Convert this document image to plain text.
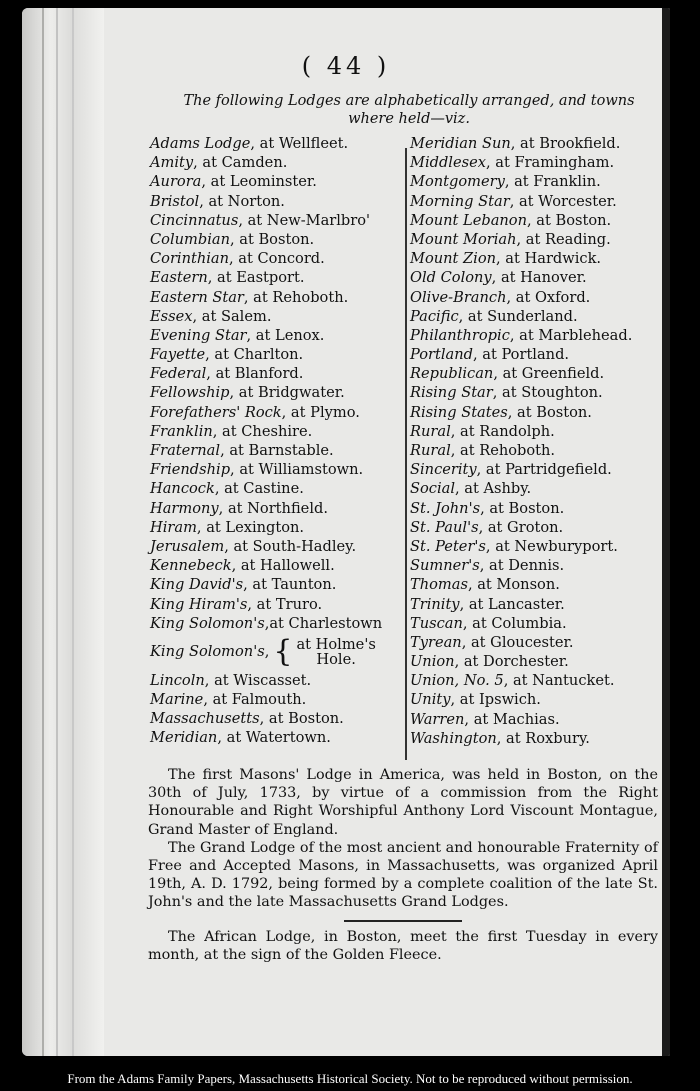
( 44 )
The following Lodges are alphabetically arranged, and towns where held—viz.
Adams Lodge, at Wellfleet.
Amity, at Camden.
Aurora, at Leominster.
Bristol, at Norton.
Cincinnatus, at New-Marlbro'
Columbian, at Boston.
Corinthian, at Concord.
Eastern, at Eastport.
Eastern Star, at Rehoboth.
Essex, at Salem.
Evening Star, at Lenox.
Fayette, at Charlton.
Federal, at Blanford.
Fellowship, at Bridgwater.
Forefathers' Rock, at Plymo.
Franklin, at Cheshire.
Fraternal, at Barnstable.
Friendship, at Williamstown.
Hancock, at Castine.
Harmony, at Northfield.
Hiram, at Lexington.
Jerusalem, at South-Hadley.
Kennebeck, at Hallowell.
King David's, at Taunton.
King Hiram's, at Truro.
King Solomon's,at Charlestown
King Solomon's , { at Holme's
Hole.
Lincoln, at Wiscasset.
Marine, at Falmouth.
Massachusetts, at Boston.
Meridian, at Watertown.
Meridian Sun, at Brookfield.
Middlesex, at Framingham.
Montgomery, at Franklin.
Morning Star, at Worcester.
Mount Lebanon, at Boston.
Mount Moriah, at Reading.
Mount Zion, at Hardwick.
Old Colony, at Hanover.
Olive-Branch, at Oxford.
Pacific, at Sunderland.
Philanthropic, at Marblehead.
Portland, at Portland.
Republican, at Greenfield.
Rising Star, at Stoughton.
Rising States, at Boston.
Rural, at Randolph.
Rural, at Rehoboth.
Sincerity, at Partridgefield.
Social, at Ashby.
St. John's, at Boston.
St. Paul's, at Groton.
St. Peter's, at Newburyport.
Sumner's, at Dennis.
Thomas, at Monson.
Trinity, at Lancaster.
Tuscan, at Columbia.
Tyrean, at Gloucester.
Union, at Dorchester.
Union, No. 5, at Nantucket.
Unity, at Ipswich.
Warren, at Machias.
Washington, at Roxbury.

The first Masons' Lodge in America, was held in Boston, on the 30th of July, 1733, by virtue of a commission from the Right Honourable and Right Worshipful Anthony Lord Viscount Montague, Grand Master of England.

The Grand Lodge of the most ancient and honourable Fraternity of Free and Accepted Masons, in Massachusetts, was organized April 19th, A. D. 1792, being formed by a complete coalition of the late St. John's and the late Massachusetts Grand Lodges.

The African Lodge, in Boston, meet the first Tuesday in every month, at the sign of the Golden Fleece.

From the Adams Family Papers, Massachusetts Historical Society. Not to be reproduced without permission.
